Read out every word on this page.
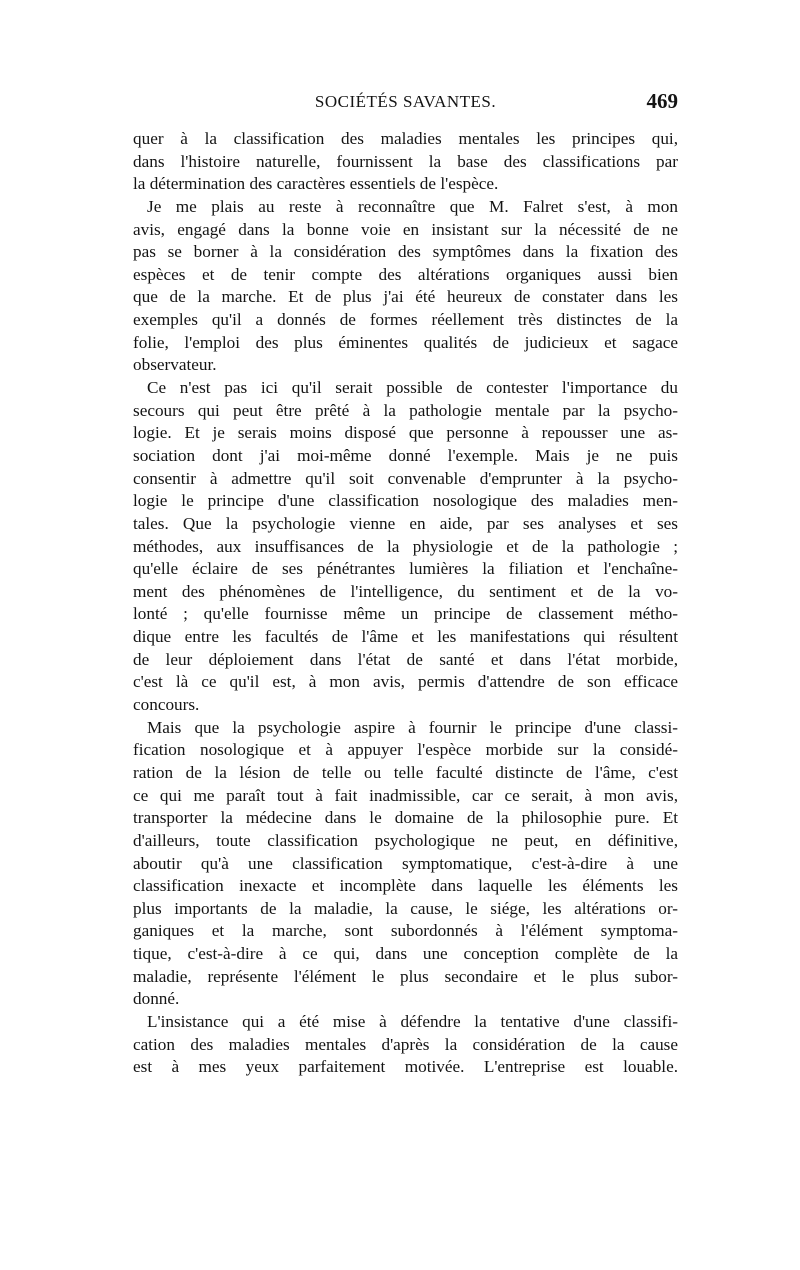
SOCIÉTÉS SAVANTES.	469
quer à la classification des maladies mentales les principes qui,
dans l'histoire naturelle, fournissent la base des classifications par
la détermination des caractères essentiels de l'espèce.
Je me plais au reste à reconnaître que M. Falret s'est, à mon
avis, engagé dans la bonne voie en insistant sur la nécessité de ne
pas se borner à la considération des symptômes dans la fixation des
espèces et de tenir compte des altérations organiques aussi bien
que de la marche. Et de plus j'ai été heureux de constater dans les
exemples qu'il a donnés de formes réellement très distinctes de la
folie, l'emploi des plus éminentes qualités de judicieux et sagace
observateur.
Ce n'est pas ici qu'il serait possible de contester l'importance du
secours qui peut être prêté à la pathologie mentale par la psycho-
logie. Et je serais moins disposé que personne à repousser une as-
sociation dont j'ai moi-même donné l'exemple. Mais je ne puis
consentir à admettre qu'il soit convenable d'emprunter à la psycho-
logie le principe d'une classification nosologique des maladies men-
tales. Que la psychologie vienne en aide, par ses analyses et ses
méthodes, aux insuffisances de la physiologie et de la pathologie ;
qu'elle éclaire de ses pénétrantes lumières la filiation et l'enchaîne-
ment des phénomènes de l'intelligence, du sentiment et de la vo-
lonté ; qu'elle fournisse même un principe de classement métho-
dique entre les facultés de l'âme et les manifestations qui résultent
de leur déploiement dans l'état de santé et dans l'état morbide,
c'est là ce qu'il est, à mon avis, permis d'attendre de son efficace
concours.
Mais que la psychologie aspire à fournir le principe d'une classi-
fication nosologique et à appuyer l'espèce morbide sur la considé-
ration de la lésion de telle ou telle faculté distincte de l'âme, c'est
ce qui me paraît tout à fait inadmissible, car ce serait, à mon avis,
transporter la médecine dans le domaine de la philosophie pure. Et
d'ailleurs, toute classification psychologique ne peut, en définitive,
aboutir qu'à une classification symptomatique, c'est-à-dire à une
classification inexacte et incomplète dans laquelle les éléments les
plus importants de la maladie, la cause, le siége, les altérations or-
ganiques et la marche, sont subordonnés à l'élément symptoma-
tique, c'est-à-dire à ce qui, dans une conception complète de la
maladie, représente l'élément le plus secondaire et le plus subor-
donné.
L'insistance qui a été mise à défendre la tentative d'une classifi-
cation des maladies mentales d'après la considération de la cause
est à mes yeux parfaitement motivée. L'entreprise est louable.
